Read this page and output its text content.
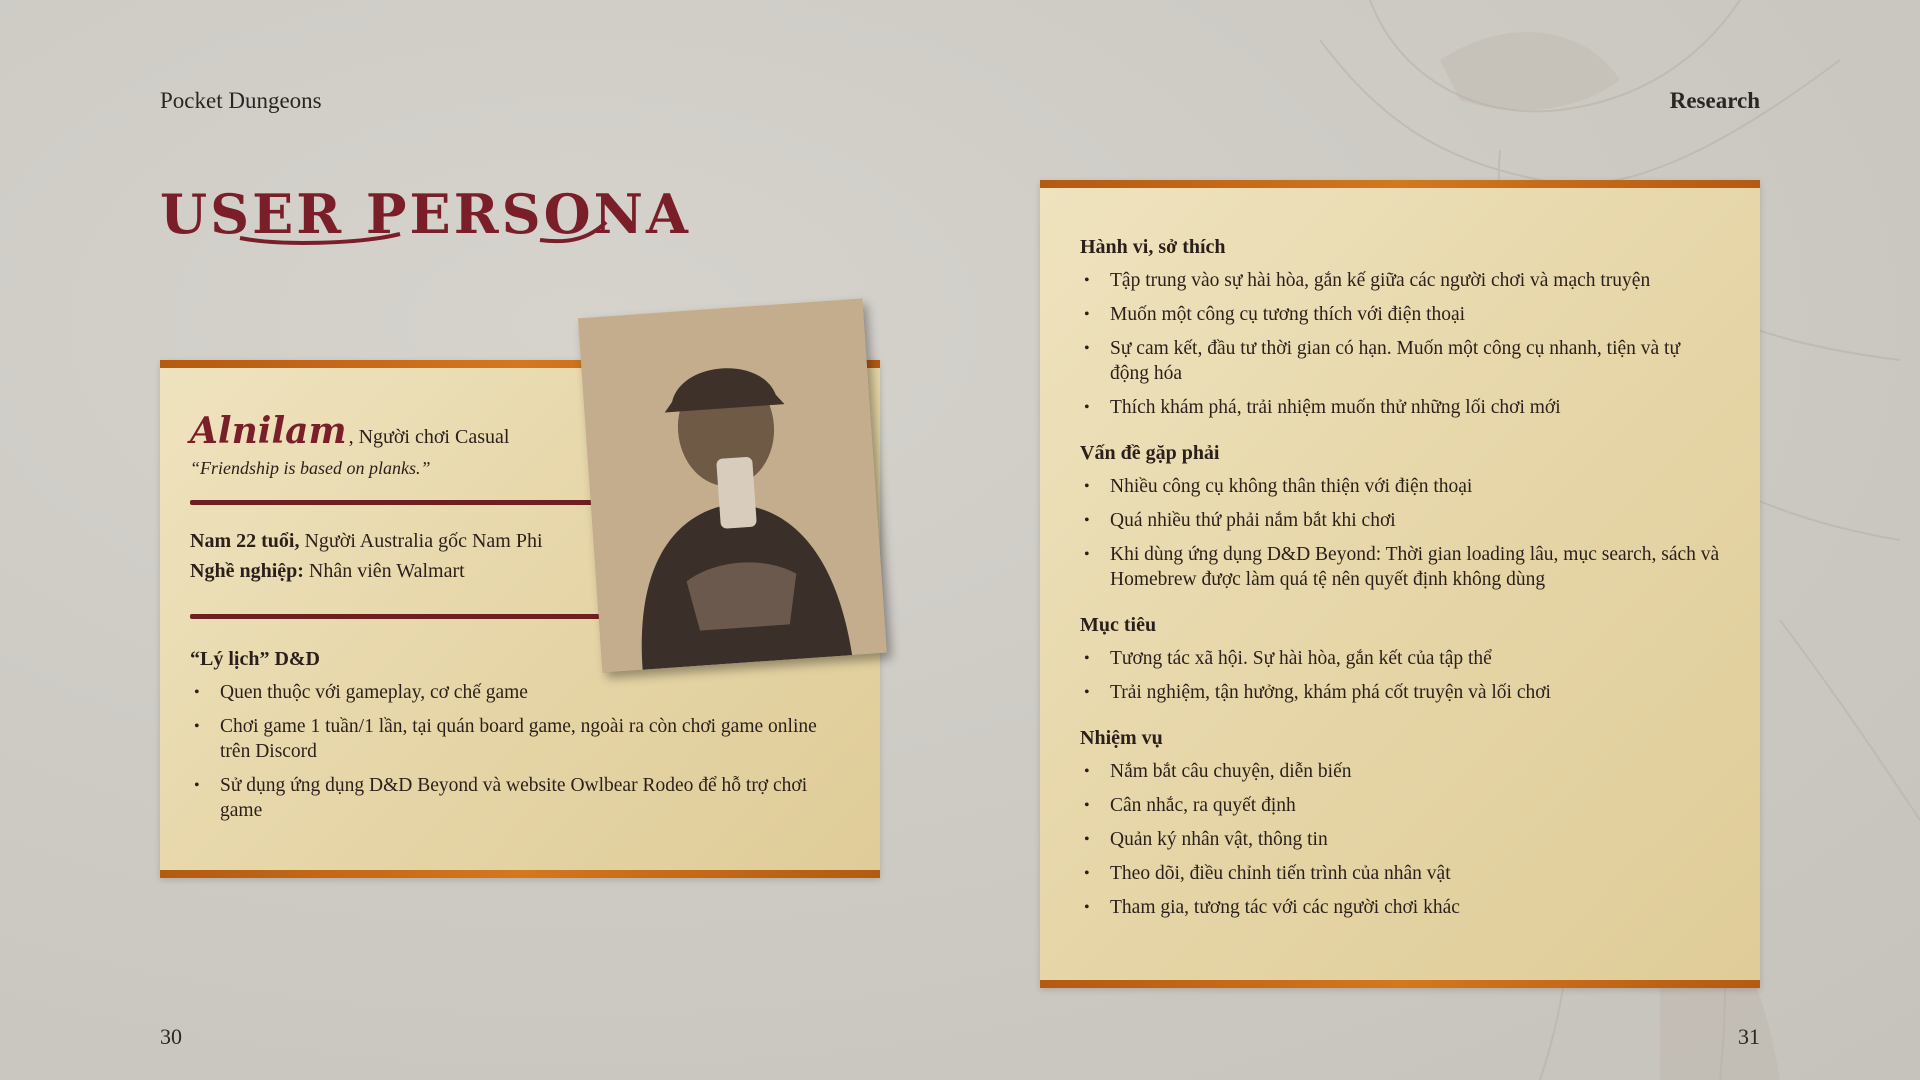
Pocket Dungeons	Research
USER PERSONA
Alnilam , Người chơi Casual
“Friendship is based on planks.”
Nam 22 tuổi, Người Australia gốc Nam Phi
Nghề nghiệp: Nhân viên Walmart

“Lý lịch” D&D

• Quen thuộc với gameplay, cơ chế game
• Chơi game 1 tuần/1 lần, tại quán board game, ngoài ra còn chơi game online trên Discord
• Sử dụng ứng dụng D&D Beyond và website Owlbear Rodeo để hỗ trợ chơi game

Hành vi, sở thích

• Tập trung vào sự hài hòa, gắn kế giữa các người chơi và mạch truyện
• Muốn một công cụ tương thích với điện thoại
• Sự cam kết, đầu tư thời gian có hạn. Muốn một công cụ nhanh, tiện và tự động hóa
• Thích khám phá, trải nhiệm muốn thử những lối chơi mới

Vấn đề gặp phải

• Nhiều công cụ không thân thiện với điện thoại
• Quá nhiều thứ phải nắm bắt khi chơi
• Khi dùng ứng dụng D&D Beyond: Thời gian loading lâu, mục search, sách và Homebrew được làm quá tệ nên quyết định không dùng

Mục tiêu

• Tương tác xã hội. Sự hài hòa, gắn kết của tập thể
• Trải nghiệm, tận hưởng, khám phá cốt truyện và lối chơi

Nhiệm vụ

• Nắm bắt câu chuyện, diễn biến
• Cân nhắc, ra quyết định
• Quản ký nhân vật, thông tin
• Theo dõi, điều chỉnh tiến trình của nhân vật
• Tham gia, tương tác với các người chơi khác
30	31
